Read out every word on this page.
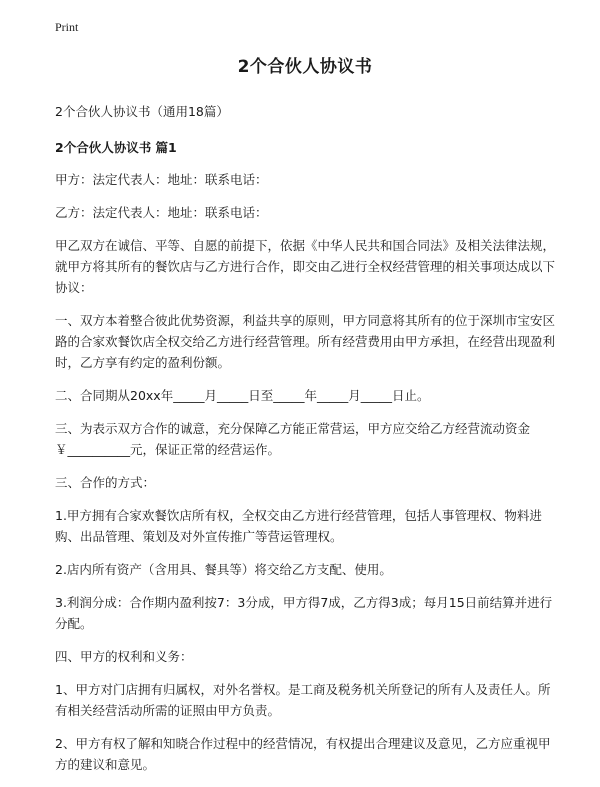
Print
2个合伙人协议书
2个合伙人协议书（通用18篇）
2个合伙人协议书 篇1
甲方：法定代表人：地址：联系电话：
乙方：法定代表人：地址：联系电话：
甲乙双方在诚信、平等、自愿的前提下，依据《中华人民共和国合同法》及相关法律法规，就甲方将其所有的餐饮店与乙方进行合作，即交由乙进行全权经营管理的相关事项达成以下协议：
一、双方本着整合彼此优势资源，利益共享的原则，甲方同意将其所有的位于深圳市宝安区路的合家欢餐饮店全权交给乙方进行经营管理。所有经营费用由甲方承担，在经营出现盈利时，乙方享有约定的盈利份额。
二、合同期从20xx年_____月_____日至_____年_____月_____日止。
三、为表示双方合作的诚意，充分保障乙方能正常营运，甲方应交给乙方经营流动资金￥__________元，保证正常的经营运作。
三、合作的方式：
1.甲方拥有合家欢餐饮店所有权，全权交由乙方进行经营管理，包括人事管理权、物料进购、出品管理、策划及对外宣传推广等营运管理权。
2.店内所有资产（含用具、餐具等）将交给乙方支配、使用。
3.利润分成：合作期内盈利按7：3分成，甲方得7成，乙方得3成；每月15日前结算并进行分配。
四、甲方的权利和义务：
1、甲方对门店拥有归属权，对外名誉权。是工商及税务机关所登记的所有人及责任人。所有相关经营活动所需的证照由甲方负责。
2、甲方有权了解和知晓合作过程中的经营情况，有权提出合理建议及意见，乙方应重视甲方的建议和意见。
